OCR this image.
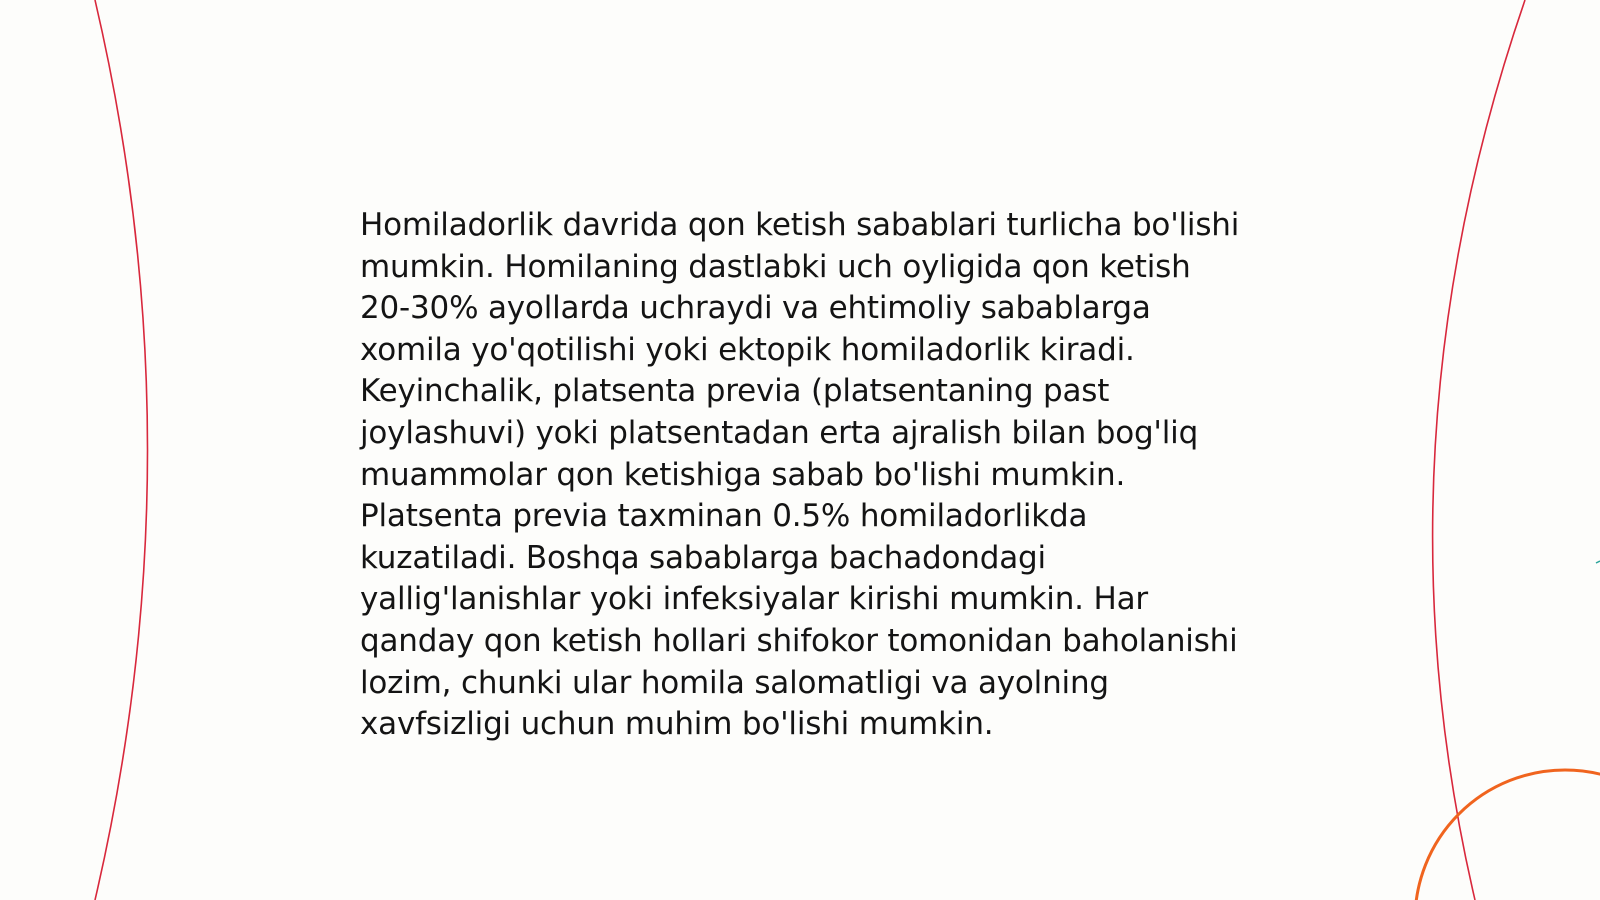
Homiladorlik davrida qon ketish sabablari turlicha bo'lishi mumkin. Homilaning dastlabki uch oyligida qon ketish 20-30% ayollarda uchraydi va ehtimoliy sabablarga xomila yo'qotilishi yoki ektopik homiladorlik kiradi. Keyinchalik, platsenta previa (platsentaning past joylashuvi) yoki platsentadan erta ajralish bilan bog'liq muammolar qon ketishiga sabab bo'lishi mumkin. Platsenta previa taxminan 0.5% homiladorlikda kuzatiladi. Boshqa sabablarga bachadondagi yallig'lanishlar yoki infeksiyalar kirishi mumkin. Har qanday qon ketish hollari shifokor tomonidan baholanishi lozim, chunki ular homila salomatligi va ayolning xavfsizligi uchun muhim bo'lishi mumkin.
